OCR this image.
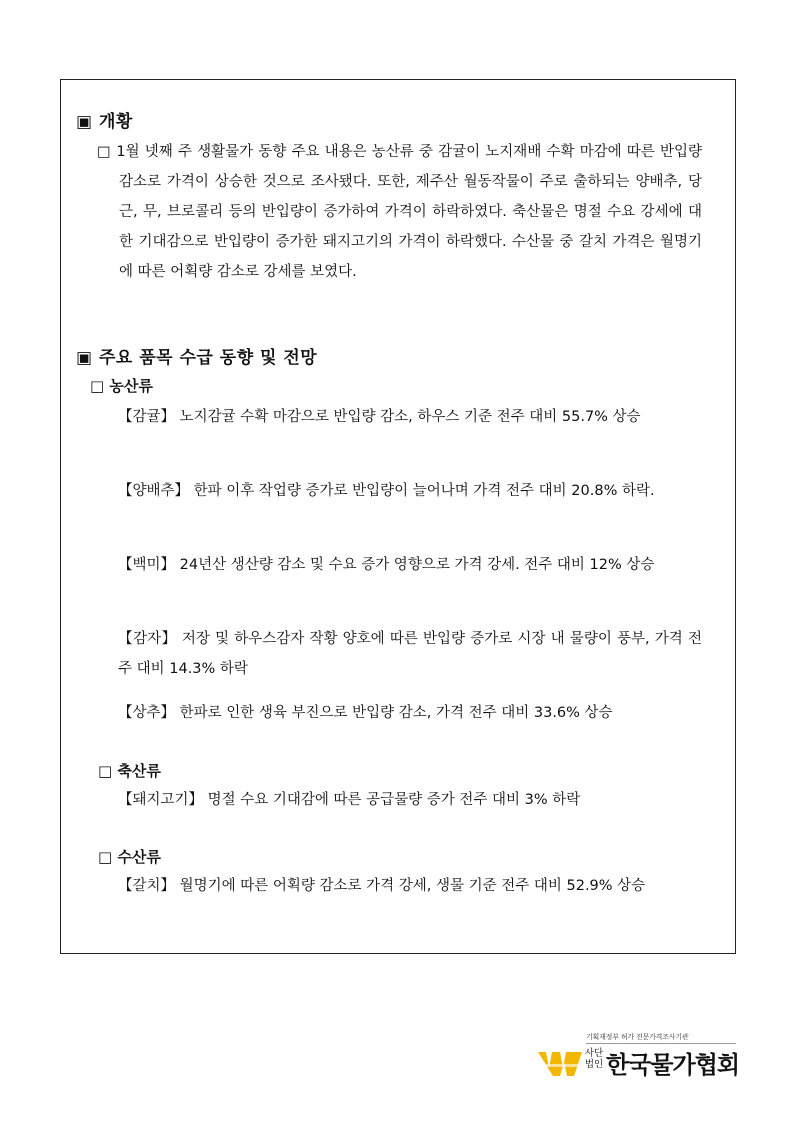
▣ 개황
□ 1월 넷째 주 생활물가 동향 주요 내용은 농산류 중 감귤이 노지재배 수확 마감에 따른 반입량 감소로 가격이 상승한 것으로 조사됐다. 또한, 제주산 월동작물이 주로 출하되는 양배추, 당근, 무, 브로콜리 등의 반입량이 증가하여 가격이 하락하였다. 축산물은 명절 수요 강세에 대한 기대감으로 반입량이 증가한 돼지고기의 가격이 하락했다. 수산물 중 갈치 가격은 월명기에 따른 어획량 감소로 강세를 보였다.
▣ 주요 품목 수급 동향 및 전망
□ 농산류
【감귤】 노지감귤 수확 마감으로 반입량 감소, 하우스 기준 전주 대비 55.7% 상승
【양배추】 한파 이후 작업량 증가로 반입량이 늘어나며 가격 전주 대비 20.8% 하락.
【백미】 24년산 생산량 감소 및 수요 증가 영향으로 가격 강세. 전주 대비 12% 상승
【감자】 저장 및 하우스감자 작황 양호에 따른 반입량 증가로 시장 내 물량이 풍부, 가격 전주 대비 14.3% 하락
【상추】 한파로 인한 생육 부진으로 반입량 감소, 가격 전주 대비 33.6% 상승
□ 축산류
【돼지고기】 명절 수요 기대감에 따른 공급물량 증가 전주 대비 3% 하락
□ 수산류
【갈치】 월명기에 따른 어획량 감소로 가격 강세, 생물 기준 전주 대비 52.9% 상승
기획재정부 허가 전문가격조사기관
사단법인 한국물가협회
